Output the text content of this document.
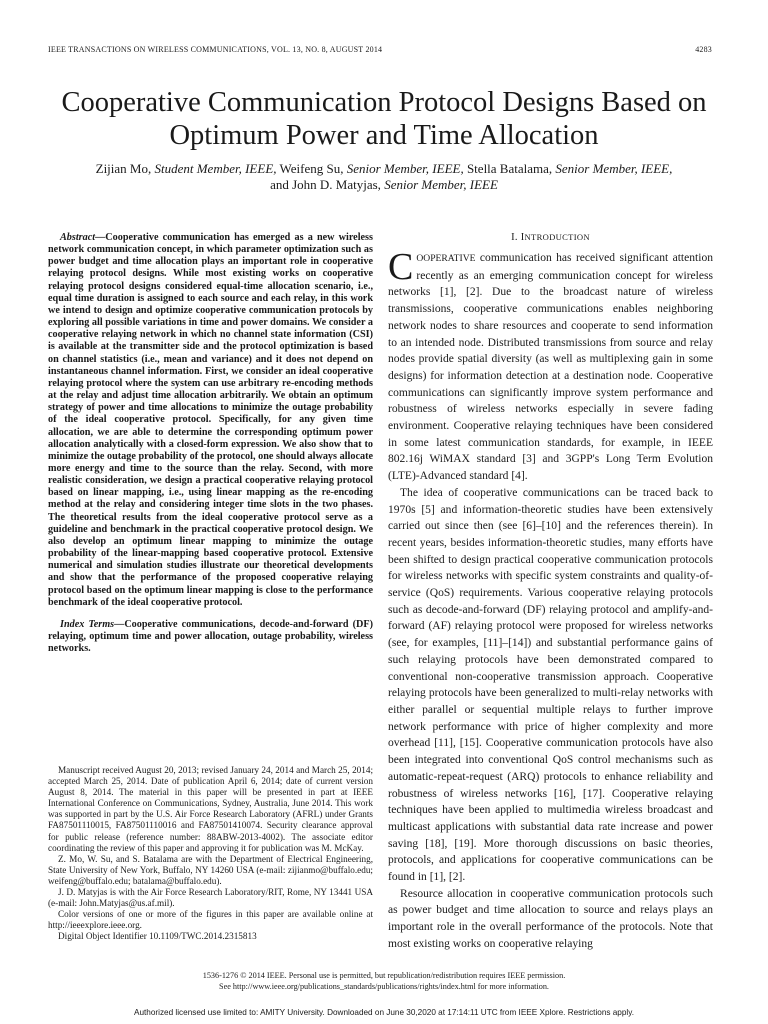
IEEE TRANSACTIONS ON WIRELESS COMMUNICATIONS, VOL. 13, NO. 8, AUGUST 2014	4283
Cooperative Communication Protocol Designs Based on Optimum Power and Time Allocation
Zijian Mo, Student Member, IEEE, Weifeng Su, Senior Member, IEEE, Stella Batalama, Senior Member, IEEE,
and John D. Matyjas, Senior Member, IEEE

Abstract—Cooperative communication has emerged as a new wireless network communication concept, in which parameter optimization such as power budget and time allocation plays an important role in cooperative relaying protocol designs. While most existing works on cooperative relaying protocol designs considered equal-time allocation scenario, i.e., equal time duration is assigned to each source and each relay, in this work we intend to design and optimize cooperative communication protocols by exploring all possible variations in time and power domains. We consider a cooperative relaying network in which no channel state information (CSI) is available at the transmitter side and the protocol optimization is based on channel statistics (i.e., mean and variance) and it does not depend on instantaneous channel information. First, we consider an ideal cooperative relaying protocol where the system can use arbitrary re-encoding methods at the relay and adjust time allocation arbitrarily. We obtain an optimum strategy of power and time allocations to minimize the outage probability of the ideal cooperative protocol. Specifically, for any given time allocation, we are able to determine the corresponding optimum power allocation analytically with a closed-form expression. We also show that to minimize the outage probability of the protocol, one should always allocate more energy and time to the source than the relay. Second, with more realistic consideration, we design a practical cooperative relaying protocol based on linear mapping, i.e., using linear mapping as the re-encoding method at the relay and considering integer time slots in the two phases. The theoretical results from the ideal cooperative protocol serve as a guideline and benchmark in the practical cooperative protocol design. We also develop an optimum linear mapping to minimize the outage probability of the linear-mapping based cooperative protocol. Extensive numerical and simulation studies illustrate our theoretical developments and show that the performance of the proposed cooperative relaying protocol based on the optimum linear mapping is close to the performance benchmark of the ideal cooperative protocol.

Index Terms—Cooperative communications, decode-and-forward (DF) relaying, optimum time and power allocation, outage probability, wireless networks.

Manuscript received August 20, 2013; revised January 24, 2014 and March 25, 2014; accepted March 25, 2014. Date of publication April 6, 2014; date of current version August 8, 2014. The material in this paper will be presented in part at IEEE International Conference on Communications, Sydney, Australia, June 2014. This work was supported in part by the U.S. Air Force Research Laboratory (AFRL) under Grants FA87501110015, FA87501110016 and FA87501410074. Security clearance approval for public release (reference number: 88ABW-2013-4002). The associate editor coordinating the review of this paper and approving it for publication was M. McKay.

Z. Mo, W. Su, and S. Batalama are with the Department of Electrical Engineering, State University of New York, Buffalo, NY 14260 USA (e-mail: zijianmo@buffalo.edu; weifeng@buffalo.edu; batalama@buffalo.edu).

J. D. Matyjas is with the Air Force Research Laboratory/RIT, Rome, NY 13441 USA (e-mail: John.Matyjas@us.af.mil).

Color versions of one or more of the figures in this paper are available online at http://ieeexplore.ieee.org.

Digital Object Identifier 10.1109/TWC.2014.2315813

I. INTRODUCTION

COOPERATIVE communication has received significant attention recently as an emerging communication concept for wireless networks [1], [2]. Due to the broadcast nature of wireless transmissions, cooperative communications enables neighboring network nodes to share resources and cooperate to send information to an intended node. Distributed transmissions from source and relay nodes provide spatial diversity (as well as multiplexing gain in some designs) for information detection at a destination node. Cooperative communications can significantly improve system performance and robustness of wireless networks especially in severe fading environment. Cooperative relaying techniques have been considered in some latest communication standards, for example, in IEEE 802.16j WiMAX standard [3] and 3GPP's Long Term Evolution (LTE)-Advanced standard [4].

The idea of cooperative communications can be traced back to 1970s [5] and information-theoretic studies have been extensively carried out since then (see [6]–[10] and the references therein). In recent years, besides information-theoretic studies, many efforts have been shifted to design practical cooperative communication protocols for wireless networks with specific system constraints and quality-of-service (QoS) requirements. Various cooperative relaying protocols such as decode-and-forward (DF) relaying protocol and amplify-and-forward (AF) relaying protocol were proposed for wireless networks (see, for examples, [11]–[14]) and substantial performance gains of such relaying protocols have been demonstrated compared to conventional non-cooperative transmission approach. Cooperative relaying protocols have been generalized to multi-relay networks with either parallel or sequential multiple relays to further improve network performance with price of higher complexity and more overhead [11], [15]. Cooperative communication protocols have also been integrated into conventional QoS control mechanisms such as automatic-repeat-request (ARQ) protocols to enhance reliability and robustness of wireless networks [16], [17]. Cooperative relaying techniques have been applied to multimedia wireless broadcast and multicast applications with substantial data rate increase and power saving [18], [19]. More thorough discussions on basic theories, protocols, and applications for cooperative communications can be found in [1], [2].

Resource allocation in cooperative communication protocols such as power budget and time allocation to source and relays plays an important role in the overall performance of the protocols. Note that most existing works on cooperative relaying

1536-1276 © 2014 IEEE. Personal use is permitted, but republication/redistribution requires IEEE permission.
See http://www.ieee.org/publications_standards/publications/rights/index.html for more information.
Authorized licensed use limited to: AMITY University. Downloaded on June 30,2020 at 17:14:11 UTC from IEEE Xplore. Restrictions apply.
